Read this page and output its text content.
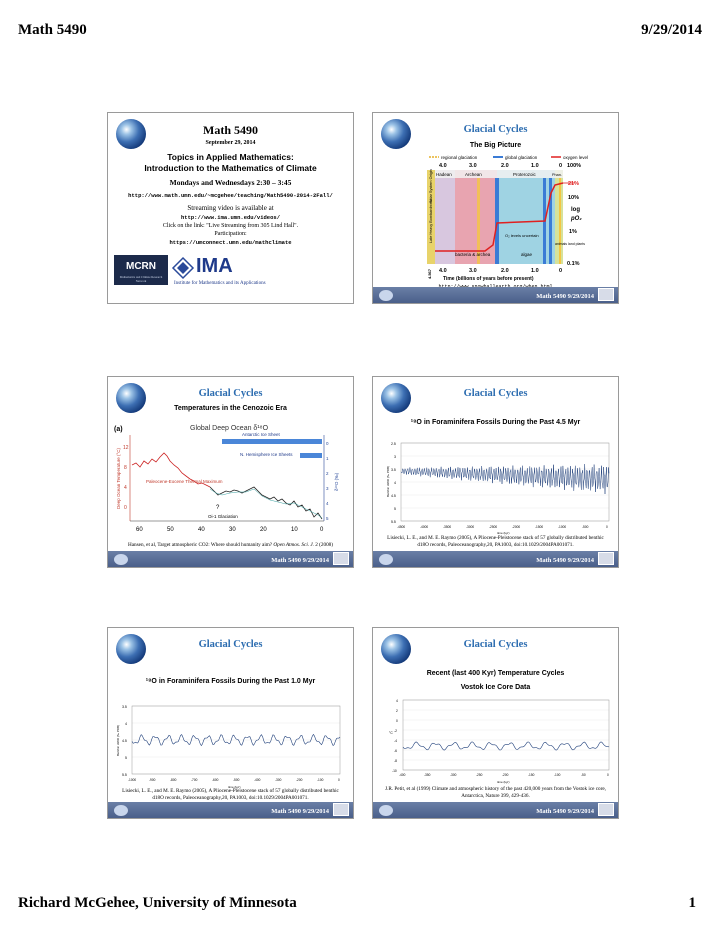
Math 5490	9/29/2014
Math 5490
September 29, 2014
Topics in Applied Mathematics:
Introduction to the Mathematics of Climate
Mondays and Wednesdays 2:30 – 3:45
http://www.math.umn.edu/~mcgehee/teaching/Math5490-2014-2Fall/
Streaming video is available at
http://www.ima.umn.edu/videos/
Click on the link: "Live Streaming from 305 Lind Hall".
Participation:
https://umconnect.umn.edu/mathclimate
MCRN
Mathematics and Climate Research Network
IMA
Institute for Mathematics and its Applications
Glacial Cycles
The Big Picture
regional glaciation	global glaciation	oxygen level
4.0	3.0	2.0	1.0	0
Hadean	Archean	Proterozoic	Phan.
Late Heavy Bombardment
Solar System Origin
4.567
O₂ levels uncertain
bacteria & archea	algae
animals land plants
100%
21%
10%
log
pO₂
1%
0.1%
4.0	3.0	2.0	1.0	0
Time (billions of years before present)
Math 5490 9/29/2014
Glacial Cycles
Temperatures in the Cenozoic Era
(a)	Global Deep Ocean δ¹⁸O
Antarctic Ice Sheet
N. Hemisphere Ice Sheets
12
8
4
0
Deep Ocean Temperature (°C)
0
1
2
3
4
5
δ¹⁸O (‰)
Paleocene-Eocene Thermal Maximum
?
Oi-1 Glaciation
60	50	40	30	20	10	0
Hansen, et al, Target atmospheric CO2: Where should humanity aim? Open Atmos. Sci. J. 2 (2008)
Math 5490 9/29/2014
Glacial Cycles
¹⁸O in Foraminifera Fossils During the Past 4.5 Myr
2.5
3
3.5
4
4.5
5
5.5
Benthic d18O (‰ PDB)
-4500	-4000	-3500	-3000	-2500	-2000	-1500	-1000	-500	0
time (kyr)
Lisiecki, L. E., and M. E. Raymo (2005), A Pliocene-Pleistocene stack of 57 globally distributed benthic
d18O records, Paleoceanography,20, PA1003, doi:10.1029/2004PA001071.
Math 5490 9/29/2014
Glacial Cycles
¹⁸O in Foraminifera Fossils During the Past 1.0 Myr
3.5
4
4.5
5
5.5
Benthic d18O (‰ PDB)
-1000	-900	-800	-700	-600	-500	-400	-300	-200	-100	0
time (kyr)
Lisiecki, L. E., and M. E. Raymo (2005), A Pliocene-Pleistocene stack of 57 globally distributed benthic
d18O records, Paleoceanography,20, PA1003, doi:10.1029/2004PA001071.
Math 5490 9/29/2014
Glacial Cycles
Recent (last 400 Kyr) Temperature Cycles
Vostok Ice Core Data
4
2
0
-2
-4
-6
-8
-10
°C
-400	-350	-300	-250	-200	-150	-100	-50	0
time (kyr)
J.R. Petit, et al (1999) Climate and atmospheric history of the past 420,000 years from the Vostok ice core,
Antarctica, Nature 399, 429-436.
Math 5490 9/29/2014
Richard McGehee, University of Minnesota	1
